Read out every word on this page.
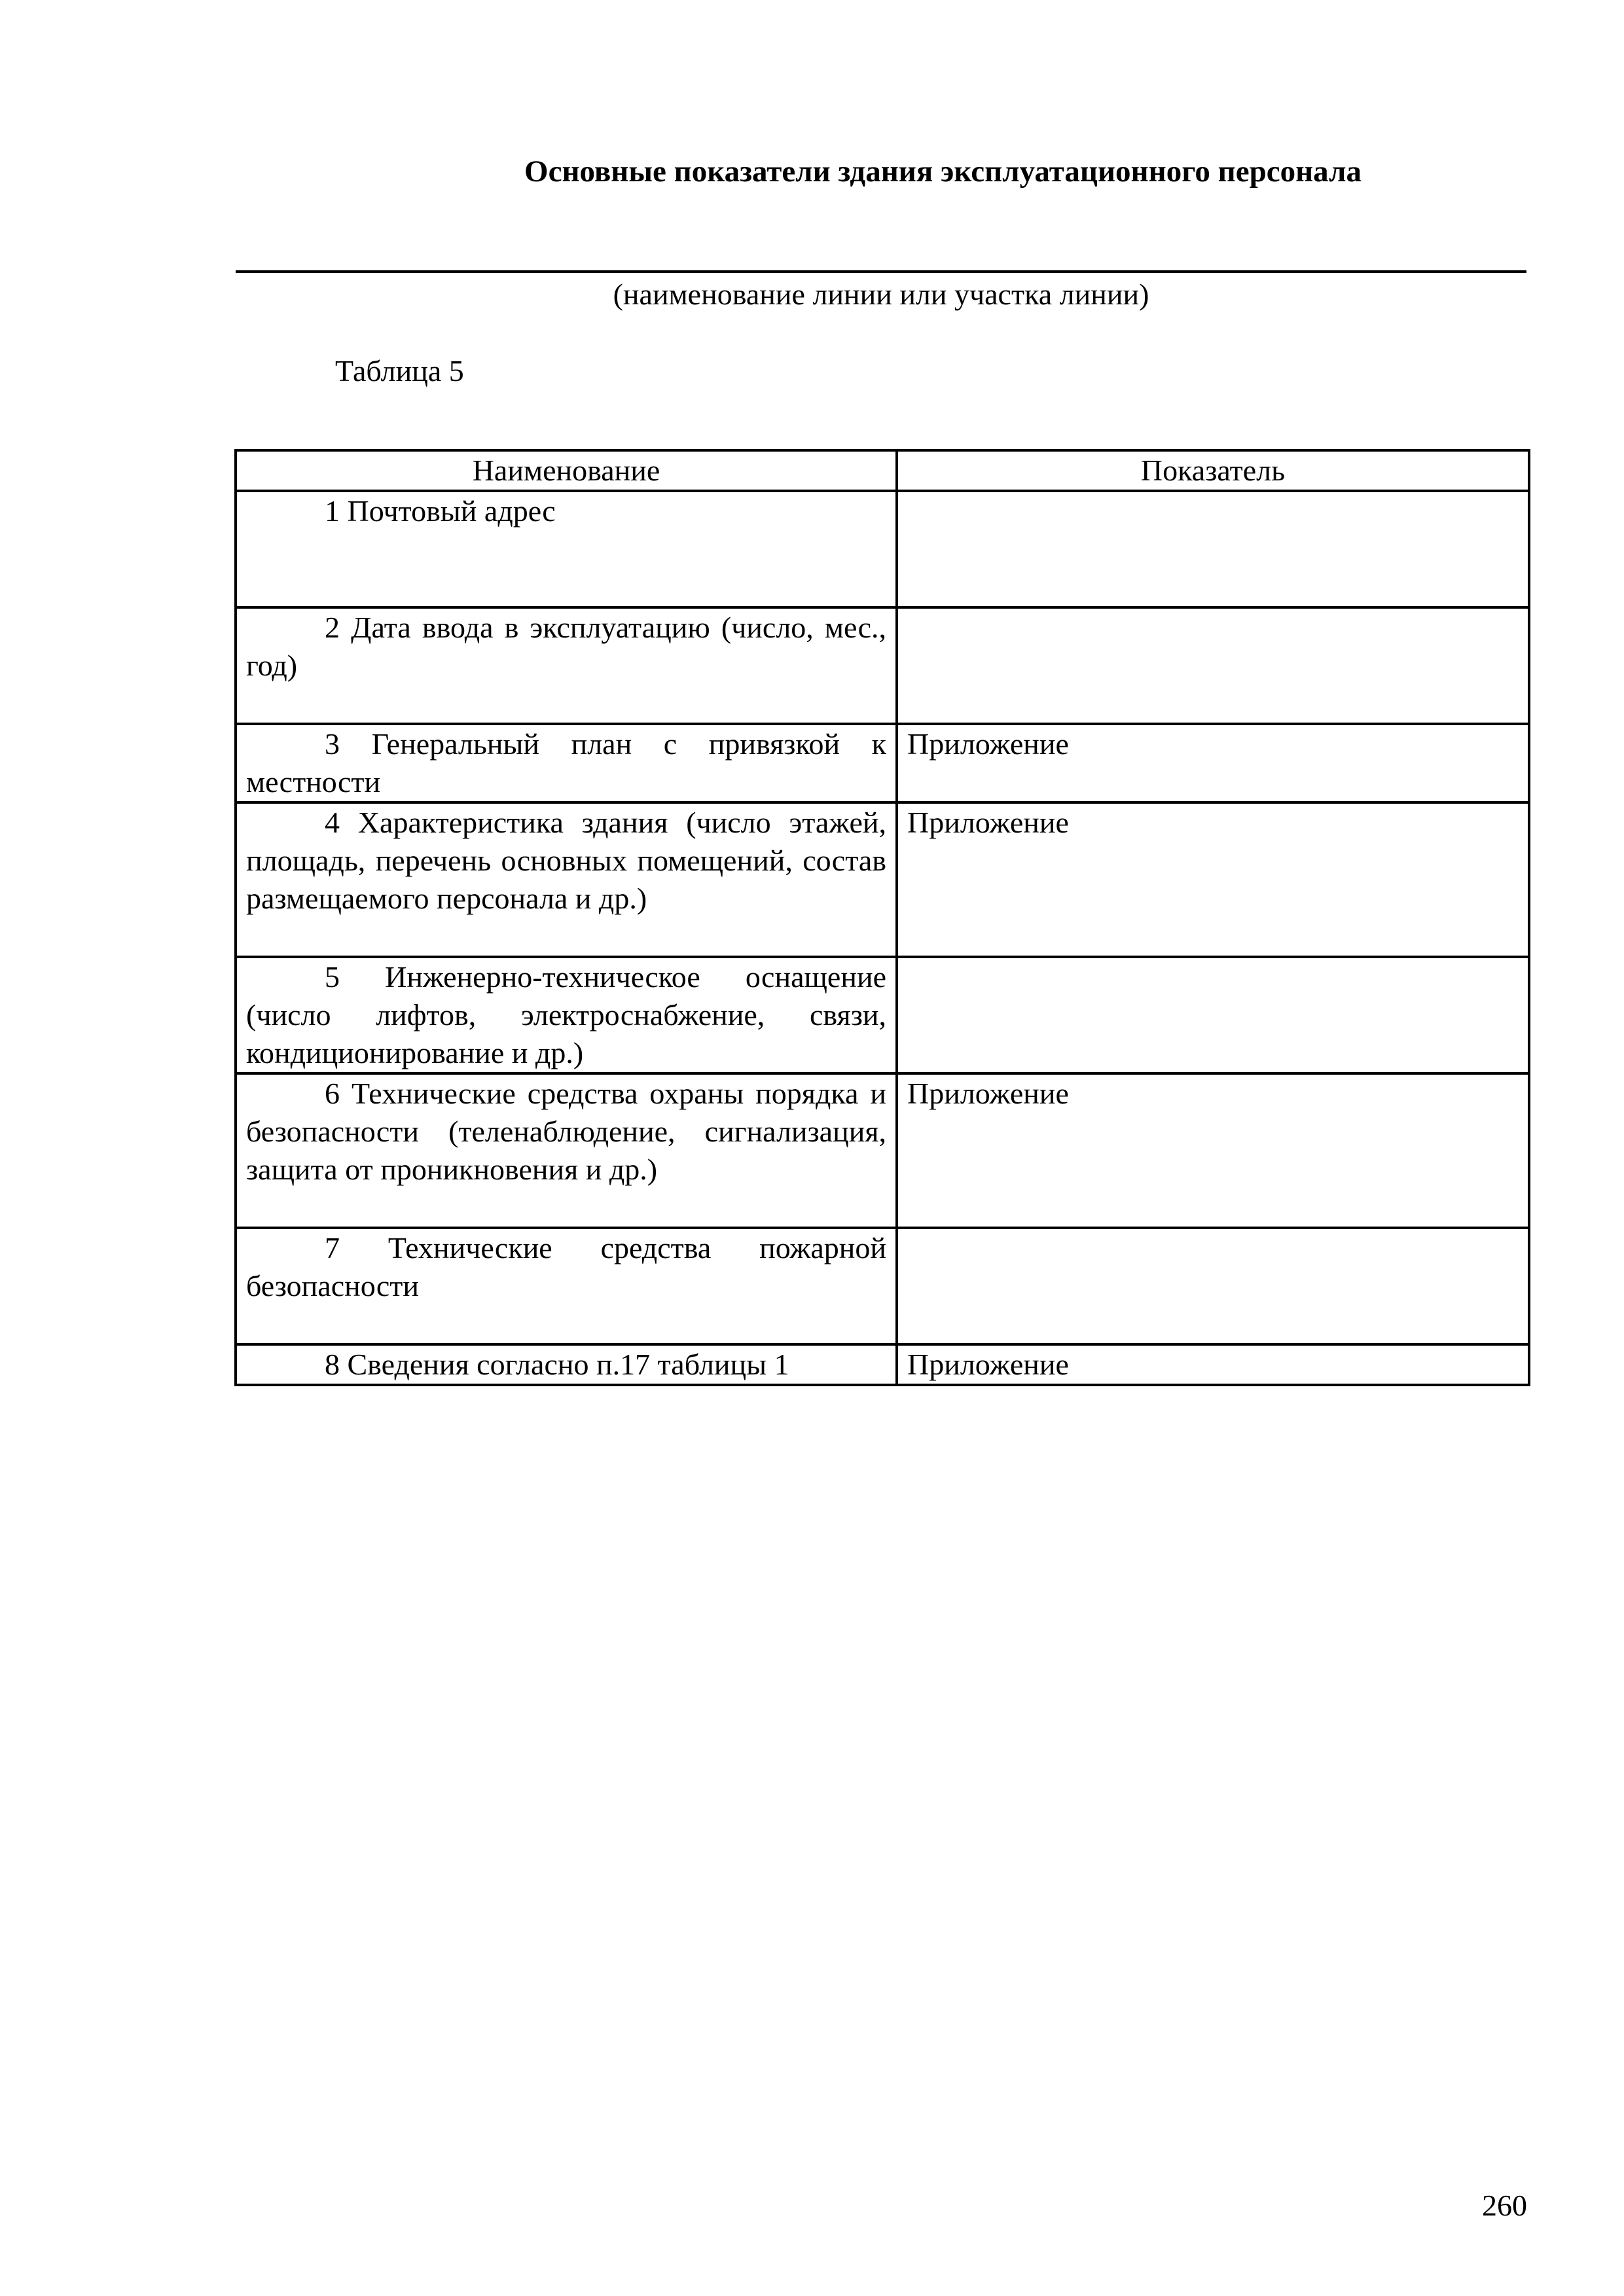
Основные показатели здания эксплуатационного персонала
(наименование линии или участка линии)
Таблица 5
Наименование	Показатель
1 Почтовый адрес	
2 Дата ввода в эксплуатацию (число, мес., год)	
3 Генеральный план с привязкой к местности	Приложение
4 Характеристика здания (число этажей, площадь, перечень основных помещений, состав размещаемого персонала и др.)	Приложение
5 Инженерно-техническое оснащение (число лифтов, электроснабжение, связи, кондиционирование и др.)	
6 Технические средства охраны порядка и безопасности (теленаблюдение, сигнализация, защита от проникновения и др.)	Приложение
7 Технические средства пожарной безопасности	
8 Сведения согласно п.17 таблицы 1	Приложение
260
